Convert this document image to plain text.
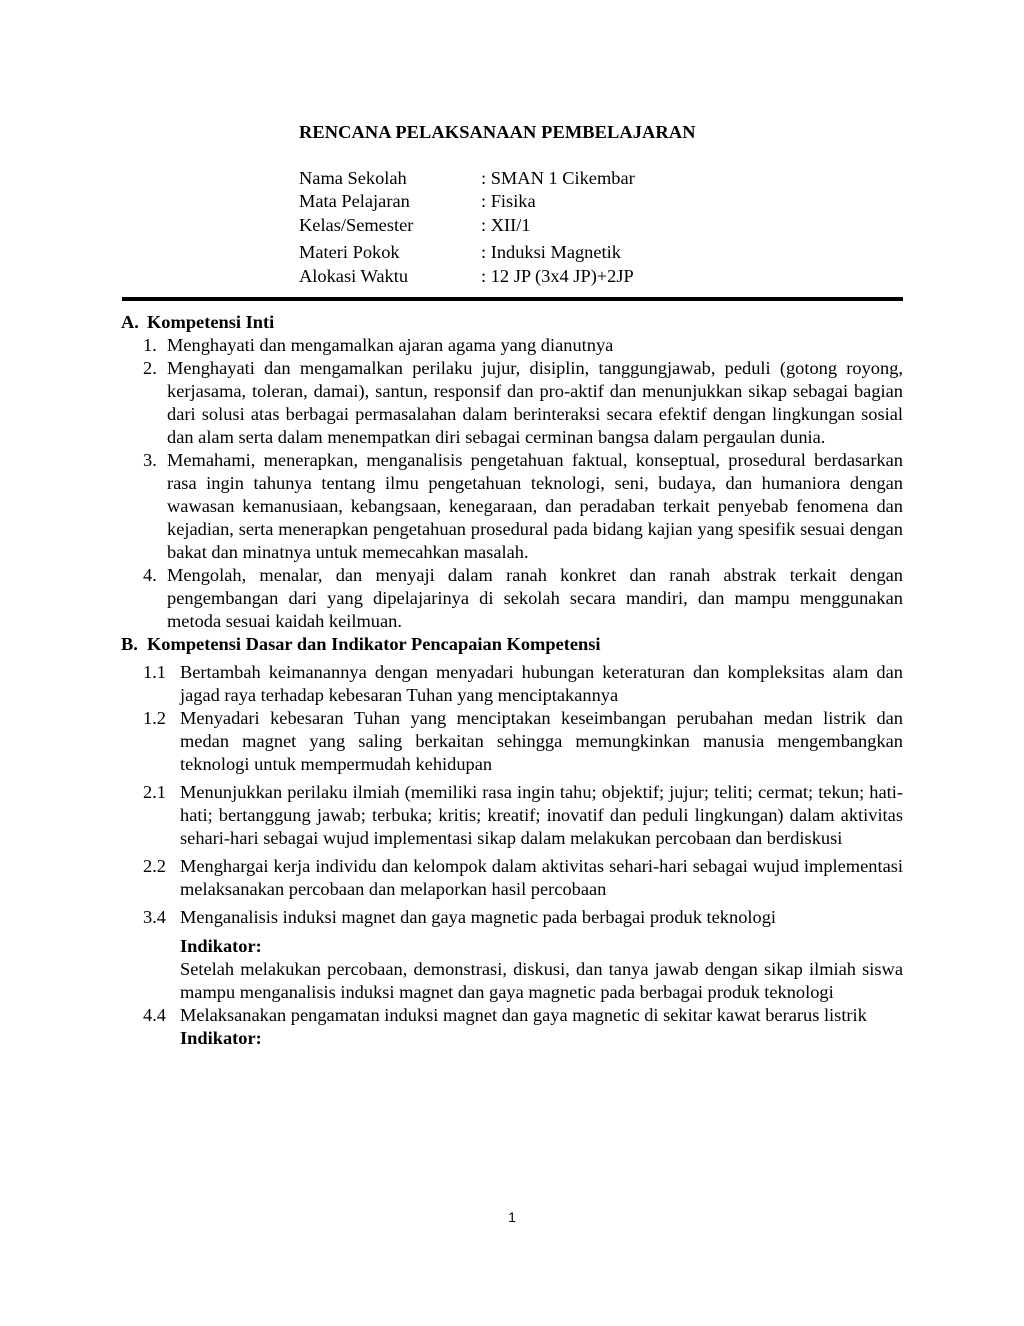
RENCANA PELAKSANAAN PEMBELAJARAN
Nama Sekolah	: SMAN 1 Cikembar
Mata Pelajaran	: Fisika
Kelas/Semester	: XII/1
Materi Pokok	: Induksi Magnetik
Alokasi Waktu	: 12 JP (3x4 JP)+2JP
A. Kompetensi Inti
1. Menghayati dan mengamalkan ajaran agama yang dianutnya
2. Menghayati dan mengamalkan perilaku jujur, disiplin, tanggungjawab, peduli (gotong royong, kerjasama, toleran, damai), santun, responsif dan pro-aktif dan menunjukkan sikap sebagai bagian dari solusi atas berbagai permasalahan dalam berinteraksi secara efektif dengan lingkungan sosial dan alam serta dalam menempatkan diri sebagai cerminan bangsa dalam pergaulan dunia.
3. Memahami, menerapkan, menganalisis pengetahuan faktual, konseptual, prosedural berdasarkan rasa ingin tahunya tentang ilmu pengetahuan teknologi, seni, budaya, dan humaniora dengan wawasan kemanusiaan, kebangsaan, kenegaraan, dan peradaban terkait penyebab fenomena dan kejadian, serta menerapkan pengetahuan prosedural pada bidang kajian yang spesifik sesuai dengan bakat dan minatnya untuk memecahkan masalah.
4. Mengolah, menalar, dan menyaji dalam ranah konkret dan ranah abstrak terkait dengan pengembangan dari yang dipelajarinya di sekolah secara mandiri, dan mampu menggunakan metoda sesuai kaidah keilmuan.
B. Kompetensi Dasar dan Indikator Pencapaian Kompetensi
1.1 Bertambah keimanannya dengan menyadari hubungan keteraturan dan kompleksitas alam dan jagad raya terhadap kebesaran Tuhan yang menciptakannya
1.2 Menyadari kebesaran Tuhan yang menciptakan keseimbangan perubahan medan listrik dan medan magnet yang saling berkaitan sehingga memungkinkan manusia mengembangkan teknologi untuk mempermudah kehidupan
2.1 Menunjukkan perilaku ilmiah (memiliki rasa ingin tahu; objektif; jujur; teliti; cermat; tekun; hati-hati; bertanggung jawab; terbuka; kritis; kreatif; inovatif dan peduli lingkungan) dalam aktivitas sehari-hari sebagai wujud implementasi sikap dalam melakukan percobaan dan berdiskusi
2.2 Menghargai kerja individu dan kelompok dalam aktivitas sehari-hari sebagai wujud implementasi melaksanakan percobaan dan melaporkan hasil percobaan
3.4 Menganalisis induksi magnet dan gaya magnetic pada berbagai produk teknologi
Indikator:
Setelah melakukan percobaan, demonstrasi, diskusi, dan tanya jawab dengan sikap ilmiah siswa mampu menganalisis induksi magnet dan gaya magnetic pada berbagai produk teknologi
4.4 Melaksanakan pengamatan induksi magnet dan gaya magnetic di sekitar kawat berarus listrik
Indikator:
1
